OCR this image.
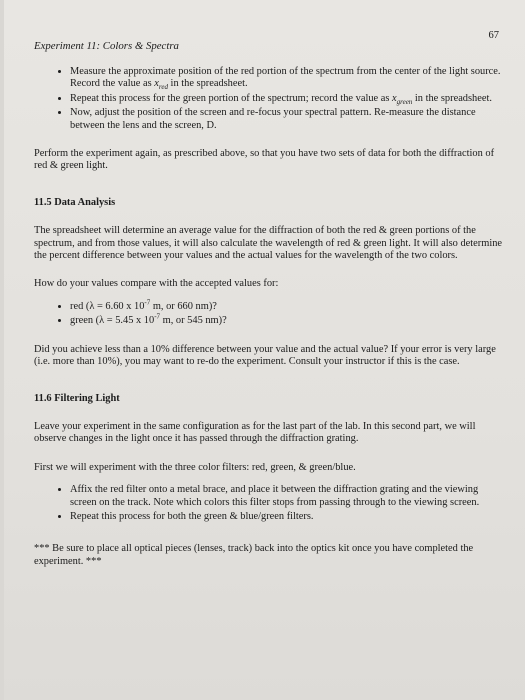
67
Experiment 11: Colors & Spectra
• Measure the approximate position of the red portion of the spectrum from the center of the light source. Record the value as $x_{red}$ in the spreadsheet.
• Repeat this process for the green portion of the spectrum; record the value as $x_{green}$ in the spreadsheet.
• Now, adjust the position of the screen and re-focus your spectral pattern. Re-measure the distance between the lens and the screen, D.

Perform the experiment again, as prescribed above, so that you have two sets of data for both the diffraction of red & green light.

11.5 Data Analysis

The spreadsheet will determine an average value for the diffraction of both the red & green portions of the spectrum, and from those values, it will also calculate the wavelength of red & green light. It will also determine the percent difference between your values and the actual values for the wavelength of the two colors.

How do your values compare with the accepted values for:

• red (λ = 6.60 x $10^{-7}$ m, or 660 nm)?
• green (λ = 5.45 x $10^{-7}$ m, or 545 nm)?

Did you achieve less than a 10% difference between your value and the actual value? If your error is very large (i.e. more than 10%), you may want to re-do the experiment. Consult your instructor if this is the case.

11.6 Filtering Light

Leave your experiment in the same configuration as for the last part of the lab. In this second part, we will observe changes in the light once it has passed through the diffraction grating.

First we will experiment with the three color filters: red, green, & green/blue.

• Affix the red filter onto a metal brace, and place it between the diffraction grating and the viewing screen on the track. Note which colors this filter stops from passing through to the viewing screen.
• Repeat this process for both the green & blue/green filters.

*** Be sure to place all optical pieces (lenses, track) back into the optics kit once you have completed the experiment. ***
